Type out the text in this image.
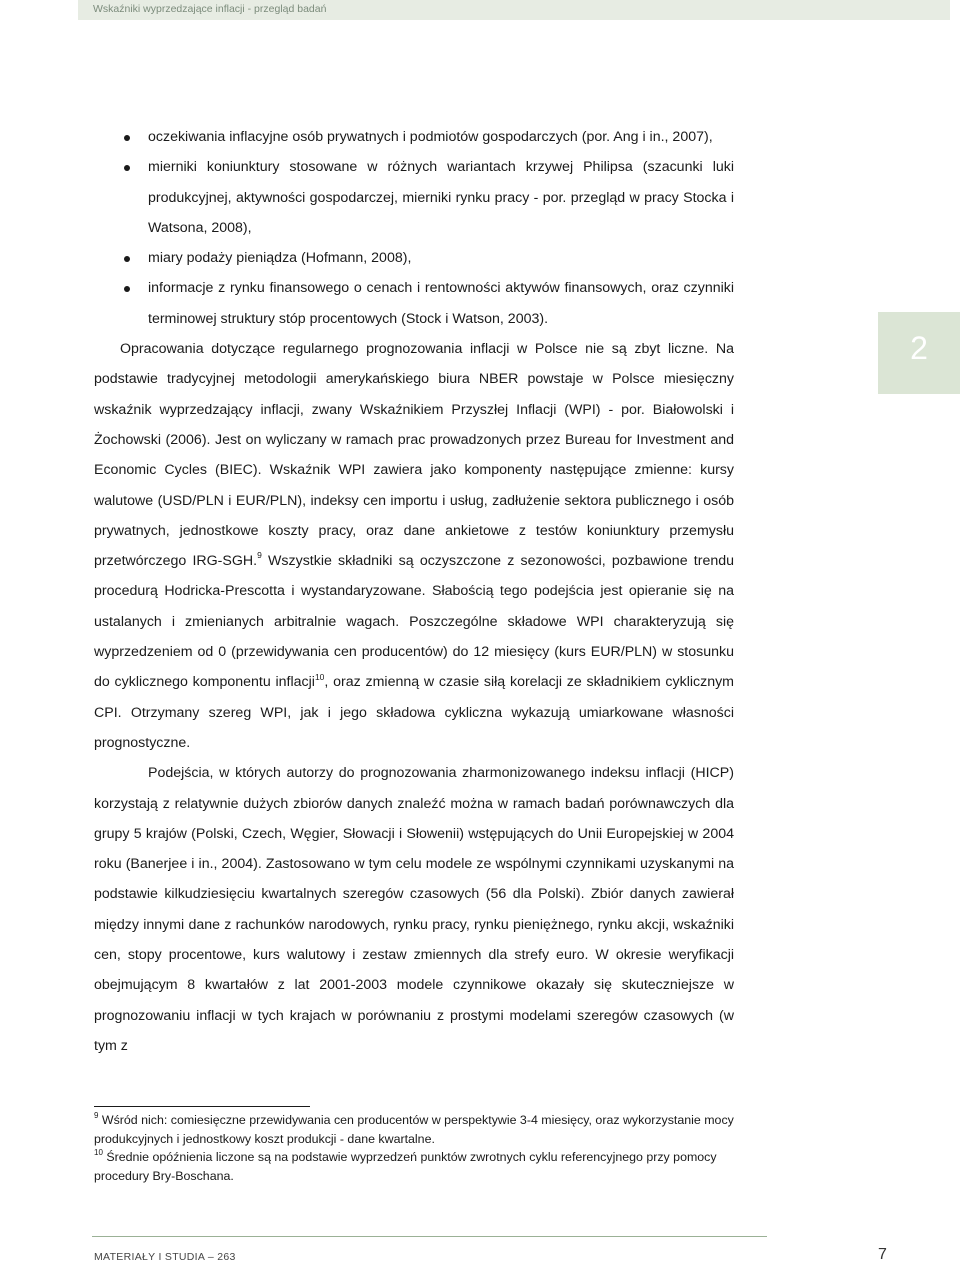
Wskaźniki wyprzedzające inflacji - przegląd badań
2
oczekiwania inflacyjne osób prywatnych i podmiotów gospodarczych (por. Ang i in., 2007),
mierniki koniunktury stosowane w różnych wariantach krzywej Philipsa (szacunki luki produkcyjnej, aktywności gospodarczej, mierniki rynku pracy - por. przegląd w pracy Stocka i Watsona, 2008),
miary podaży pieniądza (Hofmann, 2008),
informacje z rynku finansowego o cenach i rentowności aktywów finansowych, oraz czynniki terminowej struktury stóp procentowych (Stock i Watson, 2003).

Opracowania dotyczące regularnego prognozowania inflacji w Polsce nie są zbyt liczne. Na podstawie tradycyjnej metodologii amerykańskiego biura NBER powstaje w Polsce miesięczny wskaźnik wyprzedzający inflacji, zwany Wskaźnikiem Przyszłej Inflacji (WPI) - por. Białowolski i Żochowski (2006). Jest on wyliczany w ramach prac prowadzonych przez Bureau for Investment and Economic Cycles (BIEC). Wskaźnik WPI zawiera jako komponenty następujące zmienne: kursy walutowe (USD/PLN i EUR/PLN), indeksy cen importu i usług, zadłużenie sektora publicznego i osób prywatnych, jednostkowe koszty pracy, oraz dane ankietowe z testów koniunktury przemysłu przetwórczego IRG-SGH.$^9$ Wszystkie składniki są oczyszczone z sezonowości, pozbawione trendu procedurą Hodricka-Prescotta i wystandaryzowane. Słabością tego podejścia jest opieranie się na ustalanych i zmienianych arbitralnie wagach. Poszczególne składowe WPI charakteryzują się wyprzedzeniem od 0 (przewidywania cen producentów) do 12 miesięcy (kurs EUR/PLN) w stosunku do cyklicznego komponentu inflacji$^{10}$, oraz zmienną w czasie siłą korelacji ze składnikiem cyklicznym CPI. Otrzymany szereg WPI, jak i jego składowa cykliczna wykazują umiarkowane własności prognostyczne.

Podejścia, w których autorzy do prognozowania zharmonizowanego indeksu inflacji (HICP) korzystają z relatywnie dużych zbiorów danych znaleźć można w ramach badań porównawczych dla grupy 5 krajów (Polski, Czech, Węgier, Słowacji i Słowenii) wstępujących do Unii Europejskiej w 2004 roku (Banerjee i in., 2004). Zastosowano w tym celu modele ze wspólnymi czynnikami uzyskanymi na podstawie kilkudziesięciu kwartalnych szeregów czasowych (56 dla Polski). Zbiór danych zawierał między innymi dane z rachunków narodowych, rynku pracy, rynku pieniężnego, rynku akcji, wskaźniki cen, stopy procentowe, kurs walutowy i zestaw zmiennych dla strefy euro. W okresie weryfikacji obejmującym 8 kwartałów z lat 2001-2003 modele czynnikowe okazały się skuteczniejsze w prognozowaniu inflacji w tych krajach w porównaniu z prostymi modelami szeregów czasowych (w tym z

$^9$ Wśród nich: comiesięczne przewidywania cen producentów w perspektywie 3-4 miesięcy, oraz wykorzystanie mocy produkcyjnych i jednostkowy koszt produkcji - dane kwartalne.

$^{10}$ Średnie opóźnienia liczone są na podstawie wyprzedzeń punktów zwrotnych cyklu referencyjnego przy pomocy procedury Bry-Boschana.

MATERIAŁY I STUDIA – 263	7
